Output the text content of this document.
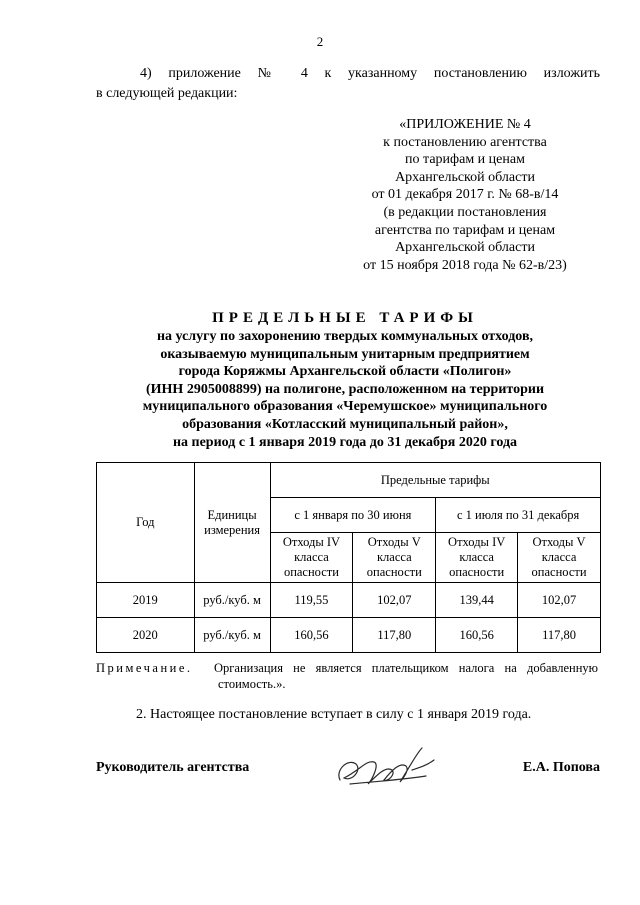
2
4) приложение № 4 к указанному постановлению изложить
в следующей редакции:
«ПРИЛОЖЕНИЕ № 4
к постановлению агентства
по тарифам и ценам
Архангельской области
от 01 декабря 2017 г. № 68-в/14
(в редакции постановления
агентства по тарифам и ценам
Архангельской области
от 15 ноября 2018 года № 62-в/23)
ПРЕДЕЛЬНЫЕ ТАРИФЫ
на услугу по захоронению твердых коммунальных отходов,
оказываемую муниципальным унитарным предприятием
города Коряжмы Архангельской области «Полигон»
(ИНН 2905008899) на полигоне, расположенном на территории
муниципального образования «Черемушское» муниципального
образования «Котласский муниципальный район»,
на период с 1 января 2019 года до 31 декабря 2020 года
Год	Единицы измерения	Предельные тарифы			
		с 1 января по 30 июня		с 1 июля по 31 декабря	
		Отходы IV класса опасности	Отходы V класса опасности	Отходы IV класса опасности	Отходы V класса опасности
2019	руб./куб. м	119,55	102,07	139,44	102,07
2020	руб./куб. м	160,56	117,80	160,56	117,80
Примечание. Организация не является плательщиком налога на добавленную
стоимость.».
2. Настоящее постановление вступает в силу с 1 января 2019 года.
Руководитель агентства	Е.А. Попова
